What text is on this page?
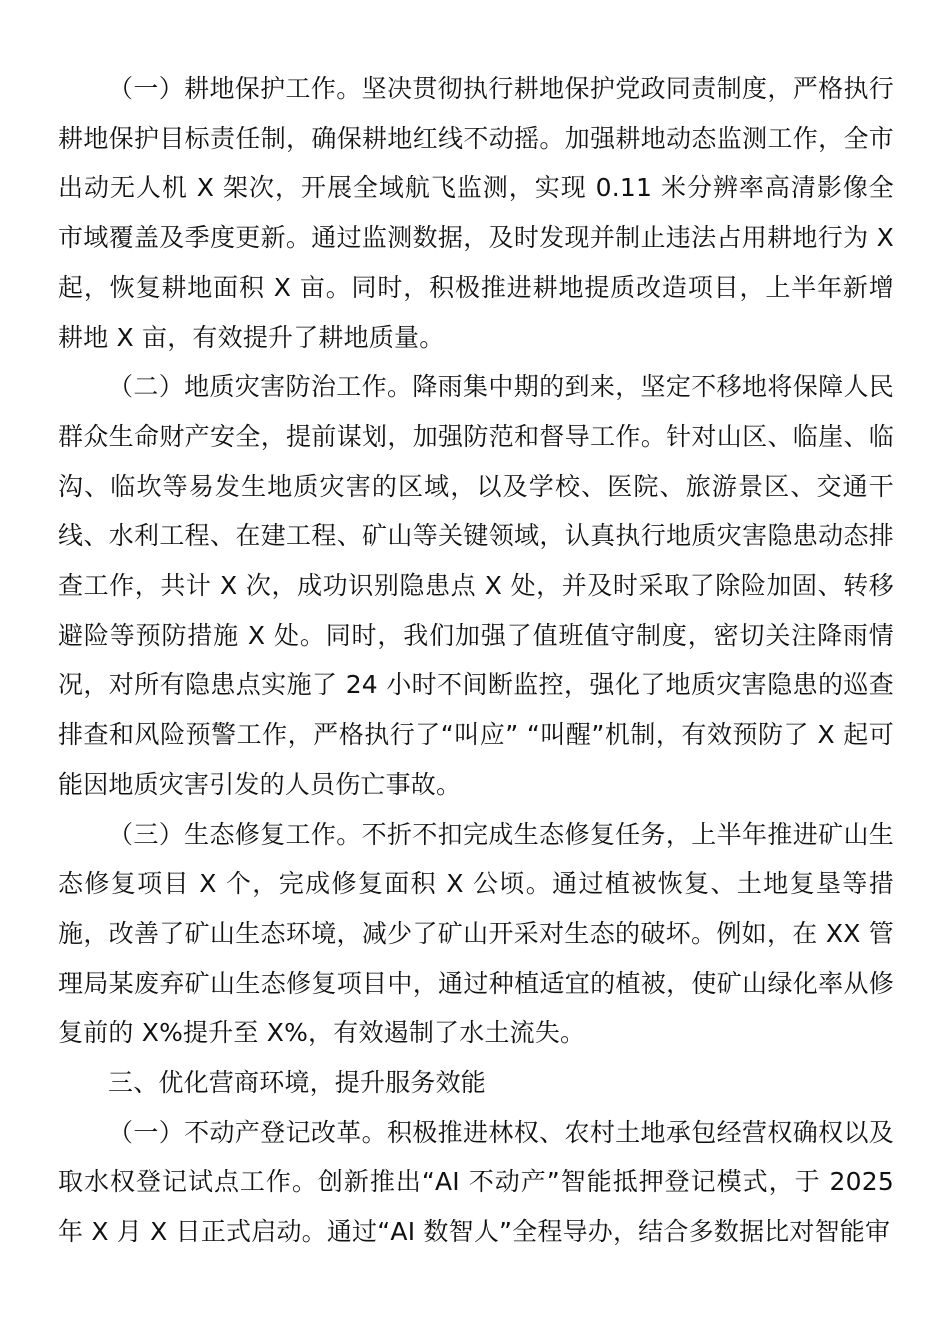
（一）耕地保护工作。坚决贯彻执行耕地保护党政同责制度，严格执行耕地保护目标责任制，确保耕地红线不动摇。加强耕地动态监测工作，全市出动无人机 X 架次，开展全域航飞监测，实现 0.11 米分辨率高清影像全市域覆盖及季度更新。通过监测数据，及时发现并制止违法占用耕地行为 X 起，恢复耕地面积 X 亩。同时，积极推进耕地提质改造项目，上半年新增耕地 X 亩，有效提升了耕地质量。

（二）地质灾害防治工作。降雨集中期的到来，坚定不移地将保障人民群众生命财产安全，提前谋划，加强防范和督导工作。针对山区、临崖、临沟、临坎等易发生地质灾害的区域，以及学校、医院、旅游景区、交通干线、水利工程、在建工程、矿山等关键领域，认真执行地质灾害隐患动态排查工作，共计 X 次，成功识别隐患点 X 处，并及时采取了除险加固、转移避险等预防措施 X 处。同时，我们加强了值班值守制度，密切关注降雨情况，对所有隐患点实施了 24 小时不间断监控，强化了地质灾害隐患的巡查排查和风险预警工作，严格执行了“叫应” “叫醒”机制，有效预防了 X 起可能因地质灾害引发的人员伤亡事故。

（三）生态修复工作。不折不扣完成生态修复任务，上半年推进矿山生态修复项目 X 个，完成修复面积 X 公顷。通过植被恢复、土地复垦等措施，改善了矿山生态环境，减少了矿山开采对生态的破坏。例如，在 XX 管理局某废弃矿山生态修复项目中，通过种植适宜的植被，使矿山绿化率从修复前的 X%提升至 X%，有效遏制了水土流失。

三、优化营商环境，提升服务效能

（一）不动产登记改革。积极推进林权、农村土地承包经营权确权以及取水权登记试点工作。创新推出“AI 不动产”智能抵押登记模式，于 2025 年 X 月 X 日正式启动。通过“AI 数智人”全程导办，结合多数据比对智能审
